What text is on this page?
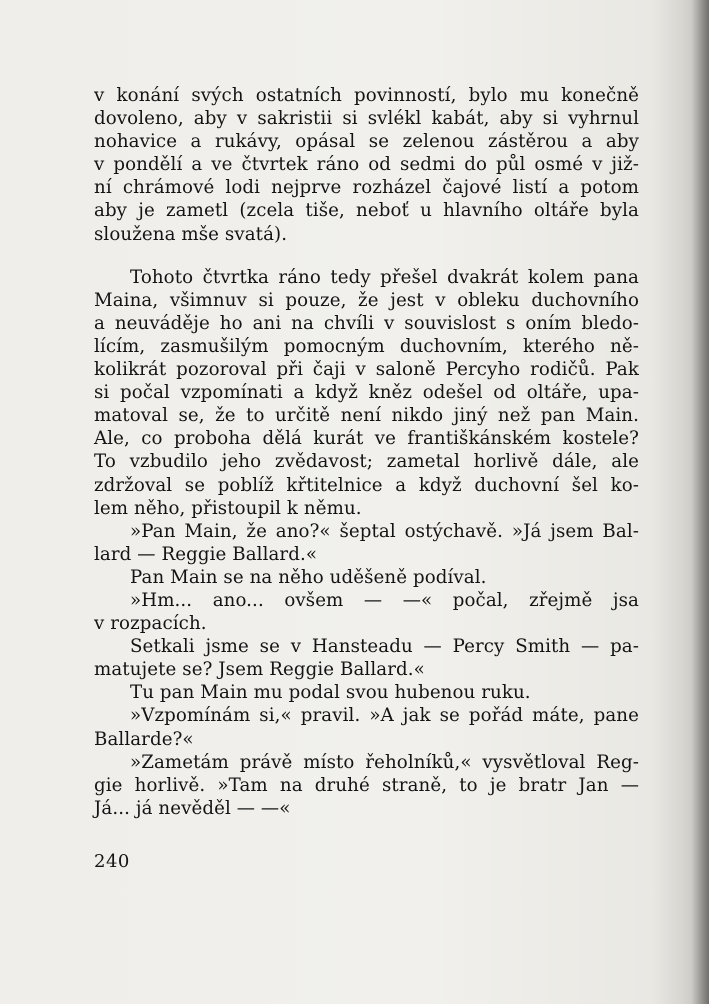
v konání svých ostatních povinností, bylo mu konečně
dovoleno, aby v sakristii si svlékl kabát, aby si vyhrnul
nohavice a rukávy, opásal se zelenou zástěrou a aby
v pondělí a ve čtvrtek ráno od sedmi do půl osmé v již-
ní chrámové lodi nejprve rozházel čajové listí a potom
aby je zametl (zcela tiše, neboť u hlavního oltáře byla
sloužena mše svatá).

Tohoto čtvrtka ráno tedy přešel dvakrát kolem pana
Maina, všimnuv si pouze, že jest v obleku duchovního
a neuváděje ho ani na chvíli v souvislost s oním bledo-
lícím, zasmušilým pomocným duchovním, kterého ně-
kolikrát pozoroval při čaji v saloně Percyho rodičů. Pak
si počal vzpomínati a když kněz odešel od oltáře, upa-
matoval se, že to určitě není nikdo jiný než pan Main.
Ale, co proboha dělá kurát ve františkánském kostele?
To vzbudilo jeho zvědavost; zametal horlivě dále, ale
zdržoval se poblíž křtitelnice a když duchovní šel ko-
lem něho, přistoupil k němu.

»Pan Main, že ano?« šeptal ostýchavě. »Já jsem Bal-
lard — Reggie Ballard.«

Pan Main se na něho uděšeně podíval.

»Hm... ano... ovšem — —« počal, zřejmě jsa
v rozpacích.

Setkali jsme se v Hansteadu — Percy Smith — pa-
matujete se? Jsem Reggie Ballard.«

Tu pan Main mu podal svou hubenou ruku.

»Vzpomínám si,« pravil. »A jak se pořád máte, pane
Ballarde?«

»Zametám právě místo řeholníků,« vysvětloval Reg-
gie horlivě. »Tam na druhé straně, to je bratr Jan —
Já... já nevěděl — —«

240
